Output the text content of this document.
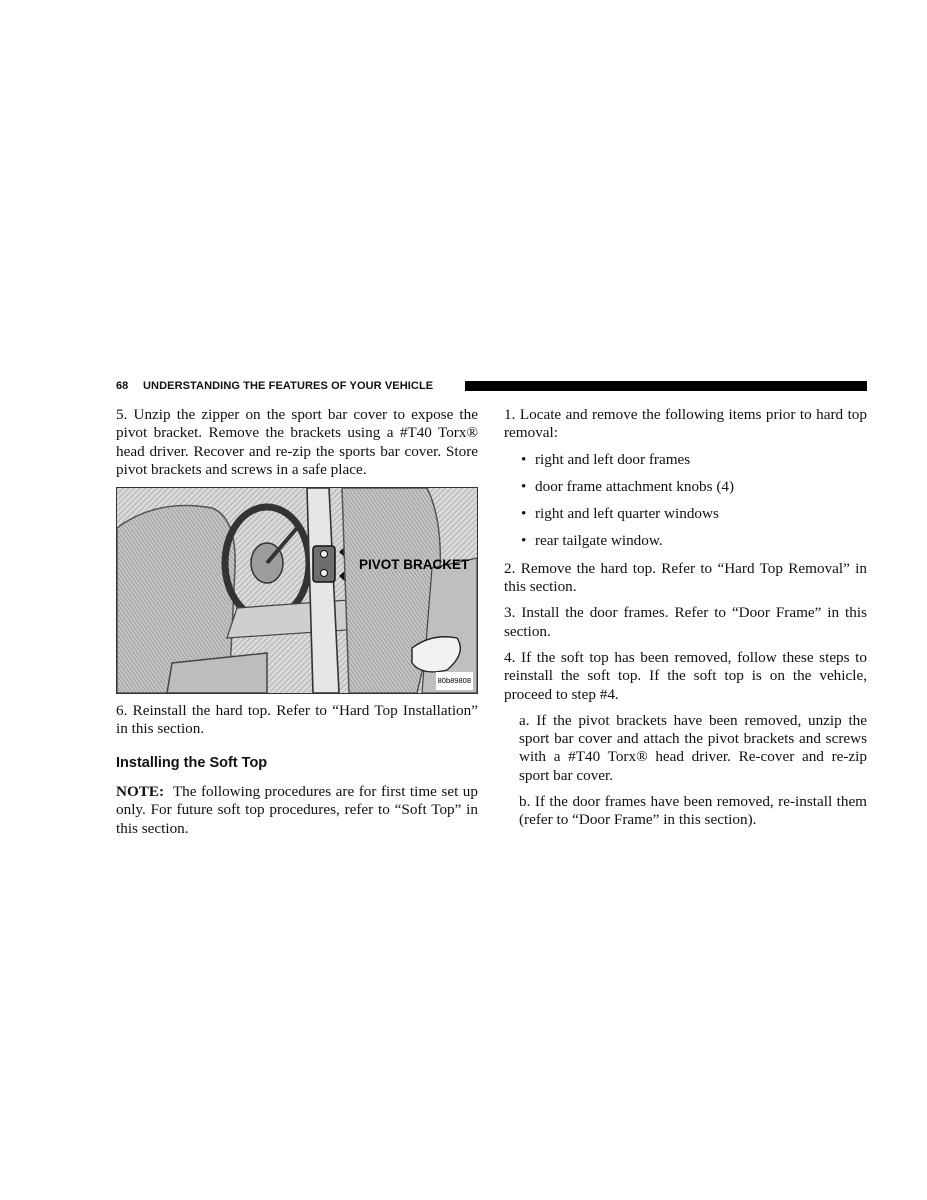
68 UNDERSTANDING THE FEATURES OF YOUR VEHICLE

5. Unzip the zipper on the sport bar cover to expose the pivot bracket. Remove the brackets using a #T40 Torx® head driver. Recover and re-zip the sports bar cover. Store pivot brackets and screws in a safe place.

PIVOT BRACKET
80b89808

6. Reinstall the hard top. Refer to “Hard Top Installation” in this section.

Installing the Soft Top

NOTE: The following procedures are for first time set up only. For future soft top procedures, refer to “Soft Top” in this section.

1. Locate and remove the following items prior to hard top removal:

• right and left door frames
• door frame attachment knobs (4)
• right and left quarter windows
• rear tailgate window.

2. Remove the hard top. Refer to “Hard Top Removal” in this section.

3. Install the door frames. Refer to “Door Frame” in this section.

4. If the soft top has been removed, follow these steps to reinstall the soft top. If the soft top is on the vehicle, proceed to step #4.

a. If the pivot brackets have been removed, unzip the sport bar cover and attach the pivot brackets and screws with a #T40 Torx® head driver. Re-cover and re-zip sport bar cover.

b. If the door frames have been removed, re-install them (refer to “Door Frame” in this section).
